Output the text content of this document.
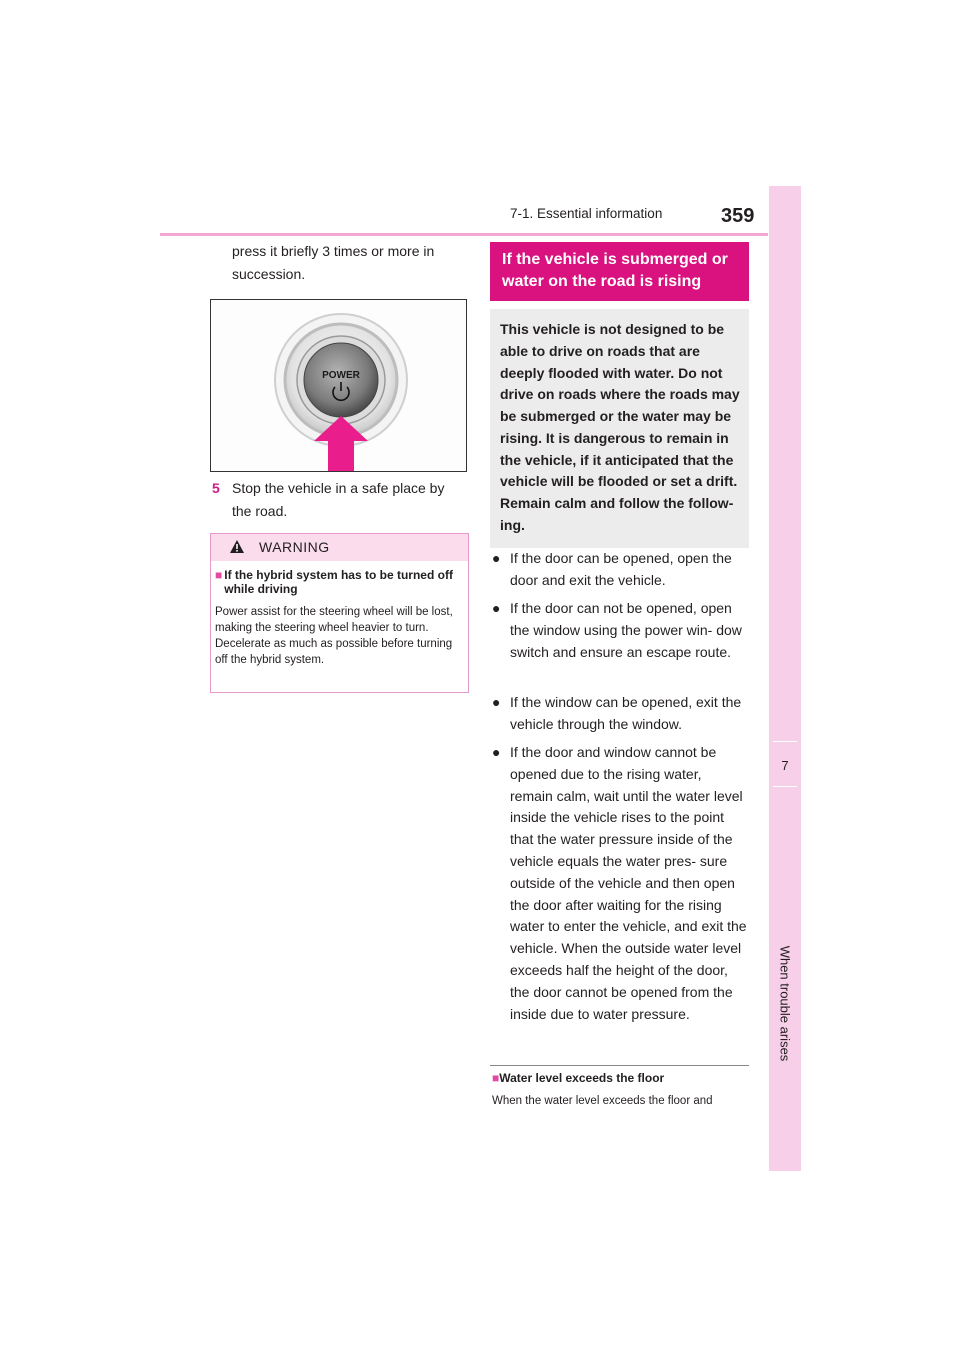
7-1. Essential information	359
7
When trouble arises
press it briefly 3 times or more in succession.
POWER
5 Stop the vehicle in a safe place by the road.
WARNING
■	If the hybrid system has to be turned off while driving
Power assist for the steering wheel will be lost, making the steering wheel heavier to turn. Decelerate as much as possible before turning off the hybrid system.
If the vehicle is submerged or water on the road is rising
This vehicle is not designed to be able to drive on roads that are deeply flooded with water. Do not drive on roads where the roads may be submerged or the water may be rising. It is dangerous to remain in the vehicle, if it anticipated that the vehicle will be flooded or set a drift. Remain calm and follow the follow- ing.
● If the door can be opened, open the door and exit the vehicle.
● If the door can not be opened, open the window using the power win- dow switch and ensure an escape route.
● If the window can be opened, exit the vehicle through the window.
● If the door and window cannot be opened due to the rising water, remain calm, wait until the water level inside the vehicle rises to the point that the water pressure inside of the vehicle equals the water pres- sure outside of the vehicle and then open the door after waiting for the rising water to enter the vehicle, and exit the vehicle. When the outside water level exceeds half the height of the door, the door cannot be opened from the inside due to water pressure.
■Water level exceeds the floor
When the water level exceeds the floor and
